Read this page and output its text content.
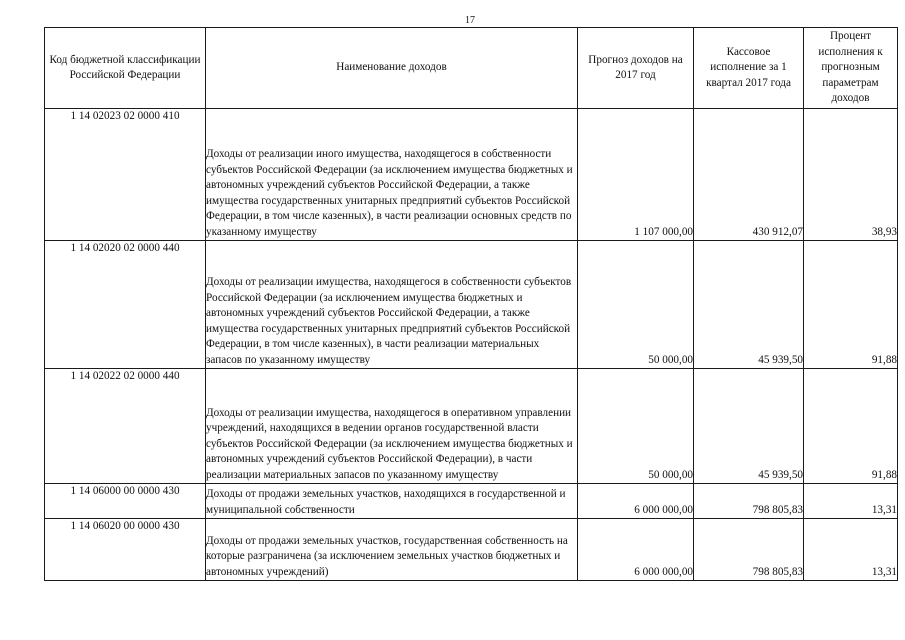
17
Код бюджетной классификации Российской Федерации	Наименование доходов	Прогноз доходов на 2017 год	Кассовое исполнение за 1 квартал 2017 года	Процент исполнения к прогнозным параметрам доходов
1 14 02023 02 0000 410	Доходы от реализации иного имущества, находящегося в собственности субъектов Российской Федерации (за исключением имущества бюджетных и автономных учреждений субъектов Российской Федерации, а также имущества государственных унитарных предприятий субъектов Российской Федерации, в том числе казенных), в части реализации основных средств по указанному имуществу	1 107 000,00	430 912,07	38,93
1 14 02020 02 0000 440	Доходы от реализации имущества, находящегося в собственности субъектов Российской Федерации (за исключением имущества бюджетных и автономных учреждений субъектов Российской Федерации, а также имущества государственных унитарных предприятий субъектов Российской Федерации, в том числе казенных), в части реализации материальных запасов по указанному имуществу	50 000,00	45 939,50	91,88
1 14 02022 02 0000 440	Доходы от реализации имущества, находящегося в оперативном управлении учреждений, находящихся в ведении органов государственной власти субъектов Российской Федерации (за исключением имущества бюджетных и автономных учреждений субъектов Российской Федерации), в части реализации материальных запасов по указанному имуществу	50 000,00	45 939,50	91,88
1 14 06000 00 0000 430	Доходы от продажи земельных участков, находящихся в государственной и муниципальной собственности	6 000 000,00	798 805,83	13,31
1 14 06020 00 0000 430	Доходы от продажи земельных участков, государственная собственность на которые разграничена (за исключением земельных участков бюджетных и автономных учреждений)	6 000 000,00	798 805,83	13,31
